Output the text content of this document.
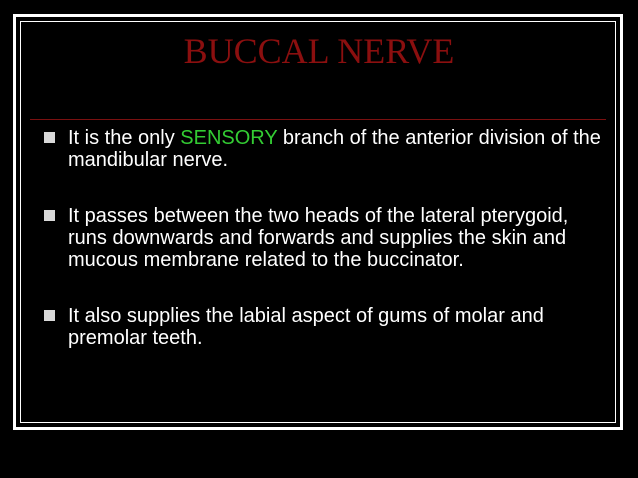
BUCCAL NERVE
It is the only SENSORY branch of the anterior division of the mandibular nerve.
It passes between the two heads of the lateral pterygoid, runs downwards and forwards and supplies the skin and mucous membrane related to the buccinator.
It also supplies the labial aspect of gums of molar and premolar teeth.
